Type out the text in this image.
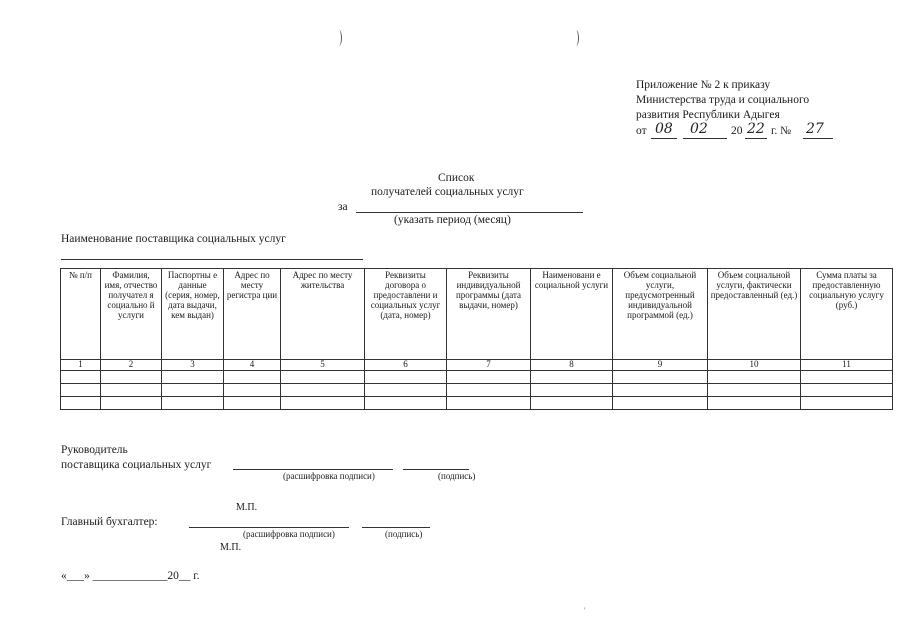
Приложение № 2 к приказу
Министерства труда и социального
развития Республики Адыгея
от 08 02 20 22 г. № 27
Список
получателей социальных услуг
за
(указать период (месяц)
Наименование поставщика социальных услуг
№ п/п	Фамилия, имя, отчество получател я социально й услуги	Паспортны е данные (серия, номер, дата выдачи, кем выдан)	Адрес по месту регистра ции	Адрес по месту жительства	Реквизиты договора о предоставлени и социальных услуг (дата, номер)	Реквизиты индивидуальной программы (дата выдачи, номер)	Наименовани е социальной услуги	Объем социальной услуги, предусмотренный индивидуальной программой (ед.)	Объем социальной услуги, фактически предоставленный (ед.)	Сумма платы за предоставленную социальную услугу (руб.)
1	2	3	4	5	6	7	8	9	10	11

Руководитель
поставщика социальных услуг
(расшифровка подписи)	(подпись)
М.П.
Главный бухгалтер:
(расшифровка подписи)	(подпись)
М.П.
«___» _____________20__ г.
'
